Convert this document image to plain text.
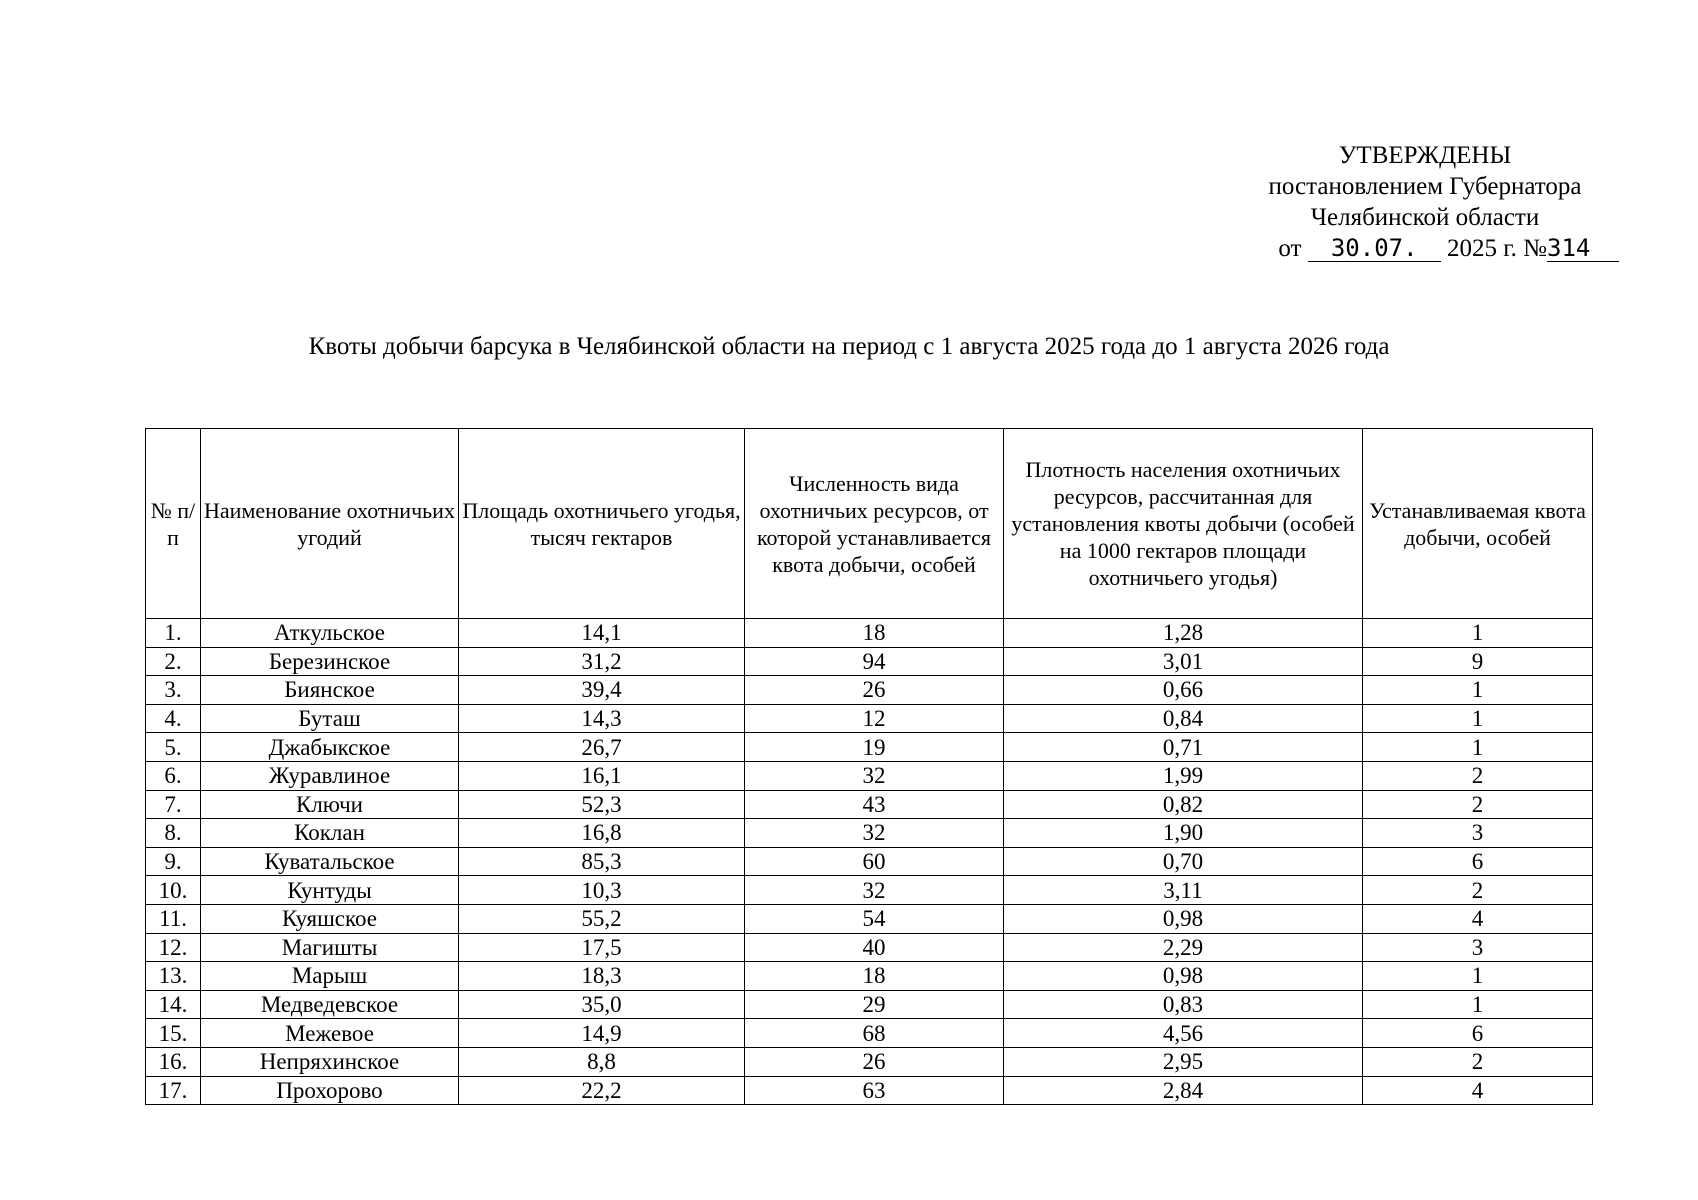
УТВЕРЖДЕНЫ
постановлением Губернатора
Челябинской области
от 30.07. 2025 г. №314
Квоты добычи барсука в Челябинской области на период с 1 августа 2025 года до 1 августа 2026 года
№ п/п	Наименование охотничьих угодий	Площадь охотничьего угодья, тысяч гектаров	Численность вида охотничьих ресурсов, от которой устанавливается квота добычи, особей	Плотность населения охотничьих ресурсов, рассчитанная для установления квоты добычи (особей на 1000 гектаров площади охотничьего угодья)	Устанавливаемая квота добычи, особей
1.	Аткульское	14,1	18	1,28	1
2.	Березинское	31,2	94	3,01	9
3.	Биянское	39,4	26	0,66	1
4.	Буташ	14,3	12	0,84	1
5.	Джабыкское	26,7	19	0,71	1
6.	Журавлиное	16,1	32	1,99	2
7.	Ключи	52,3	43	0,82	2
8.	Коклан	16,8	32	1,90	3
9.	Куватальское	85,3	60	0,70	6
10.	Кунтуды	10,3	32	3,11	2
11.	Куяшское	55,2	54	0,98	4
12.	Магишты	17,5	40	2,29	3
13.	Марыш	18,3	18	0,98	1
14.	Медведевское	35,0	29	0,83	1
15.	Межевое	14,9	68	4,56	6
16.	Непряхинское	8,8	26	2,95	2
17.	Прохорово	22,2	63	2,84	4
